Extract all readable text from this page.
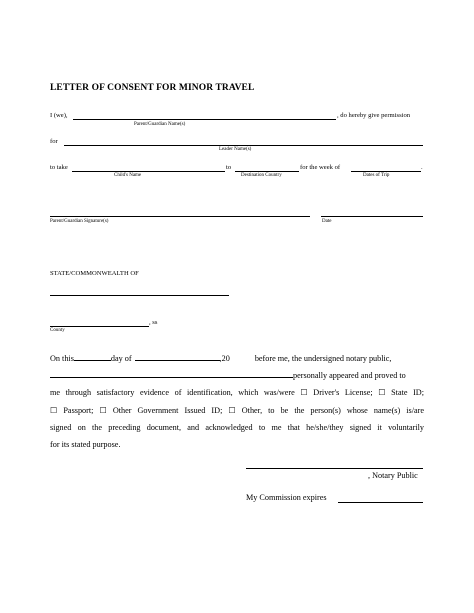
LETTER OF CONSENT FOR MINOR TRAVEL
I (we),	, do hereby give permission
Parent/Guardian Name(s)
for
Leader Name(s)
to take	to	for the week of	.
Child's Name	Destination Country	Dates of Trip
Parent/Guardian Signature(s)	Date
STATE/COMMONWEALTH OF
, ss
County
On this	day of	,20	before me, the undersigned notary public,
personally appeared and proved to
me through satisfactory evidence of identification, which was/were ☐ Driver's License; ☐ State ID;
☐ Passport; ☐ Other Government Issued ID; ☐ Other, to be the person(s) whose name(s) is/are
signed on the preceding document, and acknowledged to me that he/she/they signed it voluntarily
for its stated purpose.
, Notary Public
My Commission expires
